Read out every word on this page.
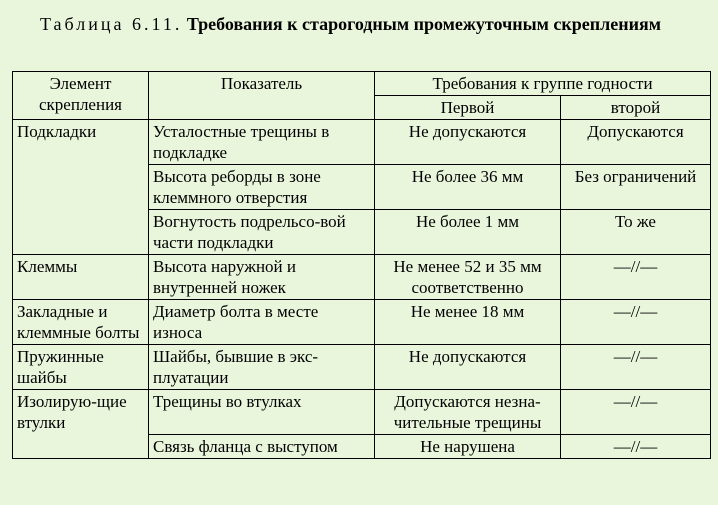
Таблица 6.11. Требования к старогодным промежуточным скреплениям
Элемент скрепления	Показатель	Требования к группе годности	
		Первой	второй
Подкладки	Усталостные трещины в подкладке	Не допускаются	Допускаются
	Высота реборды в зоне клеммного отверстия	Не более 36 мм	Без ограничений
	Вогнутость подрельсо-вой части подкладки	Не более 1 мм	То же
Клеммы	Высота наружной и внутренней ножек	Не менее 52 и 35 мм соответственно	—//—
Закладные и клеммные болты	Диаметр болта в месте износа	Не менее 18 мм	—//—
Пружинные шайбы	Шайбы, бывшие в экс-плуатации	Не допускаются	—//—
Изолирую-щие втулки	Трещины во втулках	Допускаются незна-чительные трещины	—//—
	Связь фланца с выступом	Не нарушена	—//—
